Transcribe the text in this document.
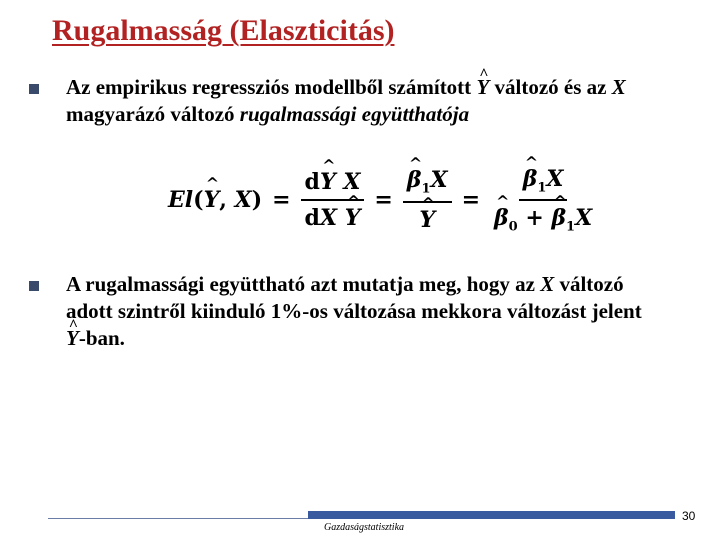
Rugalmasság (Elaszticitás)
Az empirikus regressziós modellből számított ^ Y változó és az X magyarázó változó rugalmassági együtthatója
El(^ Y, $X) = \frac{\text{d\textasciicircum{} Y X}}{dX \^{} Y}$ = ^ $\beta_1X$
^ Y = ^ $\beta_1X$
^ $\beta_0$ + ^ $\beta_1X$
A rugalmassági együttható azt mutatja meg, hogy az X változó adott szintről kiinduló 1%-os változása mekkora változást jelent ^ Y-ban.
30
Gazdaságstatisztika
